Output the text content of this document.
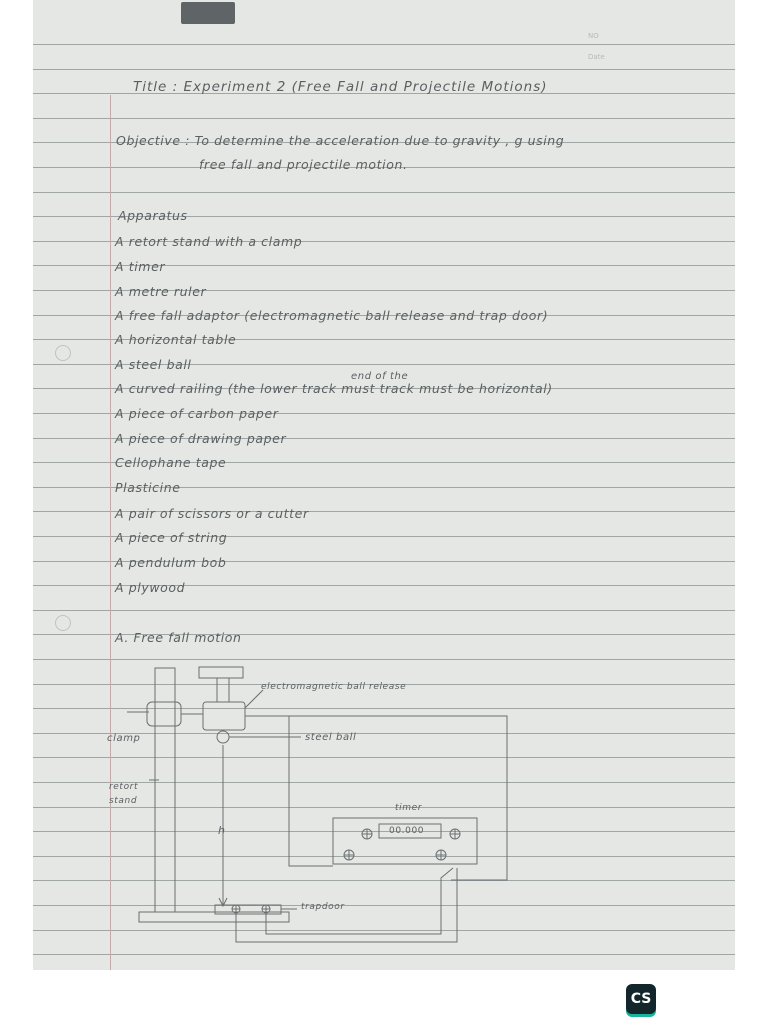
NO
Date
Title : Experiment 2 (Free Fall and Projectile Motions)
Objective : To determine the acceleration due to gravity , g using
free fall and projectile motion.
Apparatus
A retort stand with a clamp
A timer
A metre ruler
A free fall adaptor (electromagnetic ball release and trap door)
A horizontal table
A steel ball
end of the
A curved railing (the lower track must track must be horizontal)
A piece of carbon paper
A piece of drawing paper
Cellophane tape
Plasticine
A pair of scissors or a cutter
A piece of string
A pendulum bob
A plywood
A. Free fall motion
electromagnetic ball release
clamp	steel ball
retort
stand
h
timer
00.000
trapdoor
CS
